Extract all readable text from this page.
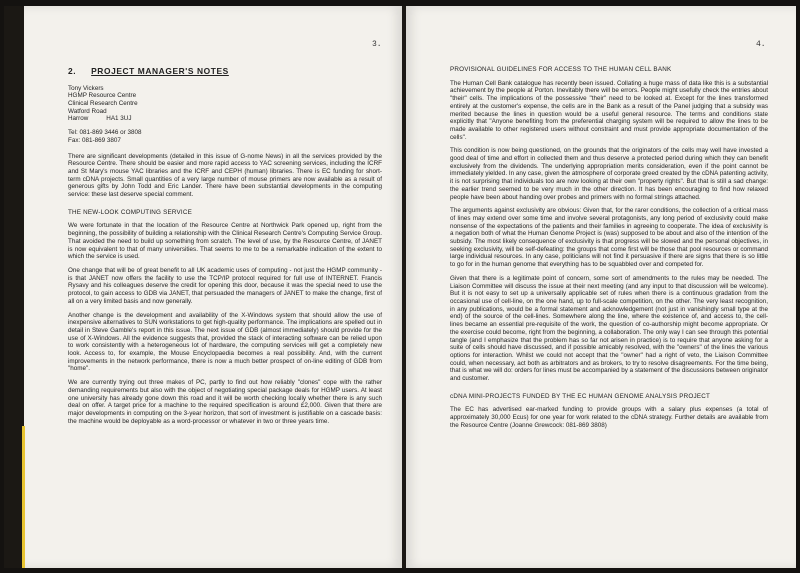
3.
2. PROJECT MANAGER'S NOTES
Tony Vickers
HGMP Resource Centre
Clinical Research Centre
Watford Road
Harrow	HA1 3UJ
Tel: 081-869 3446 or 3808
Fax: 081-869 3807

There are significant developments (detailed in this issue of G-nome News) in all the services provided by the Resource Centre. There should be easier and more rapid access to YAC screening services, including the ICRF and St Mary's mouse YAC libraries and the ICRF and CEPH (human) libraries. There is EC funding for short-term cDNA projects. Small quantities of a very large number of mouse primers are now available as a result of generous gifts by John Todd and Eric Lander. There have been substantial developments in the computing service: these last deserve special comment.

THE NEW-LOOK COMPUTING SERVICE

We were fortunate in that the location of the Resource Centre at Northwick Park opened up, right from the beginning, the possibility of building a relationship with the Clinical Research Centre's Computing Service Group. That avoided the need to build up something from scratch. The level of use, by the Resource Centre, of JANET is now equivalent to that of many universities. That seems to me to be a remarkable indication of the extent to which the service is used.

One change that will be of great benefit to all UK academic uses of computing - not just the HGMP community - is that JANET now offers the facility to use the TCP/IP protocol required for full use of INTERNET. Francis Rysavy and his colleagues deserve the credit for opening this door, because it was the special need to use the protocol, to gain access to GDB via JANET, that persuaded the managers of JANET to make the change, first of all on a very limited basis and now generally.

Another change is the development and availability of the X-Windows system that should allow the use of inexpensive alternatives to SUN workstations to get high-quality performance. The implications are spelled out in detail in Steve Gamble's report in this issue. The next issue of GDB (almost immediately) should provide for the use of X-Windows. All the evidence suggests that, provided the stack of interacting software can be relied upon to work consistently with a heterogeneous lot of hardware, the computing services will get a completely new look. Access to, for example, the Mouse Encyclopaedia becomes a real possibility. And, with the current improvements in the network performance, there is now a much better prospect of on-line editing of GDB from "home".

We are currently trying out three makes of PC, partly to find out how reliably "clones" cope with the rather demanding requirements but also with the object of negotiating special package deals for HGMP users. At least one university has already gone down this road and it will be worth checking locally whether there is any such deal on offer. A target price for a machine to the required specification is around £2,000. Given that there are major developments in computing on the 3-year horizon, that sort of investment is justifiable on a cascade basis: the machine would be deployable as a word-processor or whatever in two or three years time.

4.
PROVISIONAL GUIDELINES FOR ACCESS TO THE HUMAN CELL BANK

The Human Cell Bank catalogue has recently been issued. Collating a huge mass of data like this is a substantial achievement by the people at Porton. Inevitably there will be errors. People might usefully check the entries about "their" cells. The implications of the possessive "their" need to be looked at. Except for the lines transformed entirely at the customer's expense, the cells are in the Bank as a result of the Panel judging that a subsidy was merited because the lines in question would be a useful general resource. The terms and conditions state explicitly that "Anyone benefiting from the preferential charging system will be required to allow the lines to be made available to other registered users without constraint and must provide appropriate documentation of the cells".

This condition is now being questioned, on the grounds that the originators of the cells may well have invested a good deal of time and effort in collected them and thus deserve a protected period during which they can benefit exclusively from the dividends. The underlying appropriation merits consideration, even if the point cannot be immediately yielded. In any case, given the atmosphere of corporate greed created by the cDNA patenting activity, it is not surprising that individuals too are now looking at their own "property rights". But that is still a sad change: the earlier trend seemed to be very much in the other direction. It has been encouraging to find how relaxed people have been about handing over probes and primers with no formal strings attached.

The arguments against exclusivity are obvious: Given that, for the rarer conditions, the collection of a critical mass of lines may extend over some time and involve several protagonists, any long period of exclusivity could make nonsense of the expectations of the patients and their families in agreeing to cooperate. The idea of exclusivity is a negation both of what the Human Genome Project is (was) supposed to be about and also of the intention of the subsidy. The most likely consequence of exclusivity is that progress will be slowed and the personal objectives, in seeking exclusivity, will be self-defeating: the groups that come first will be those that pool resources or command large individual resources. In any case, politicians will not find it persuasive if there are signs that there is so little to go for in the human genome that everything has to be squabbled over and competed for.

Given that there is a legitimate point of concern, some sort of amendments to the rules may be needed. The Liaison Committee will discuss the issue at their next meeting (and any input to that discussion will be welcome). But it is not easy to set up a universally applicable set of rules when there is a continuous gradation from the occasional use of cell-line, on the one hand, up to full-scale competition, on the other. The very least recognition, in any publications, would be a formal statement and acknowledgement (not just in vanishingly small type at the end) of the source of the cell-lines. Somewhere along the line, where the existence of, and access to, the cell-lines became an essential pre-requisite of the work, the question of co-authorship might become appropriate. Or the exercise could become, right from the beginning, a collaboration. The only way I can see through this potential tangle (and I emphasize that the problem has so far not arisen in practice) is to require that anyone asking for a suite of cells should have discussed, and if possible amicably resolved, with the "owners" of the lines the various options for interaction. Whilst we could not accept that the "owner" had a right of veto, the Liaison Committee could, when necessary, act both as arbitrators and as brokers, to try to resolve disagreements. For the time being, that is what we will do: orders for lines must be accompanied by a statement of the discussions between originator and customer.

cDNA MINI-PROJECTS FUNDED BY THE EC HUMAN GENOME ANALYSIS PROJECT

The EC has advertised ear-marked funding to provide groups with a salary plus expenses (a total of approximately 30,000 Ecus) for one year for work related to the cDNA strategy. Further details are available from the Resource Centre (Joanne Grewcock: 081-869 3808)
